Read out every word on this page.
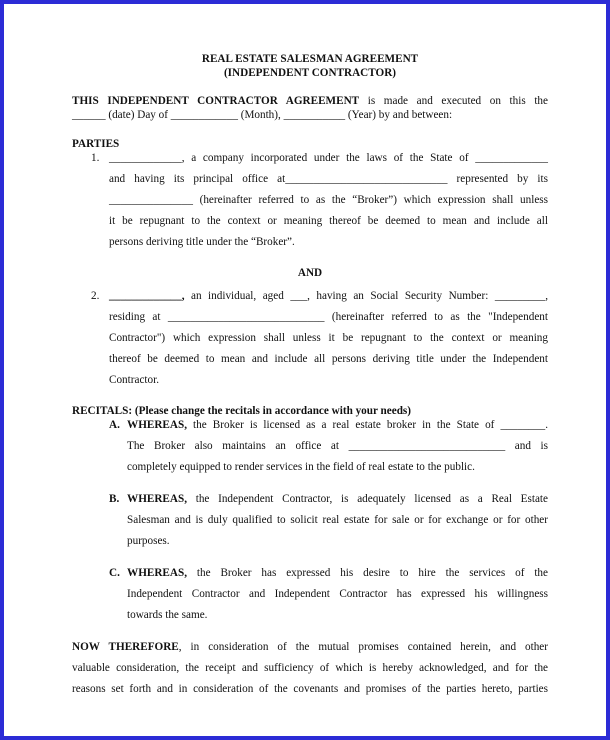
REAL ESTATE SALESMAN AGREEMENT
(INDEPENDENT CONTRACTOR)
THIS INDEPENDENT CONTRACTOR AGREEMENT is made and executed on this the
______ (date) Day of ____________ (Month), ___________ (Year) by and between:
PARTIES
1. _____________, a company incorporated under the laws of the State of _____________
and having its principal office at_____________________________ represented by its
_______________ (hereinafter referred to as the “Broker”) which expression shall unless
it be repugnant to the context or meaning thereof be deemed to mean and include all
persons deriving title under the “Broker”.
AND
2. _____________, an individual, aged ___, having an Social Security Number: _________,
residing at ____________________________ (hereinafter referred to as the "Independent
Contractor") which expression shall unless it be repugnant to the context or meaning
thereof be deemed to mean and include all persons deriving title under the Independent
Contractor.
RECITALS: (Please change the recitals in accordance with your needs)
A. WHEREAS, the Broker is licensed as a real estate broker in the State of ________.
The Broker also maintains an office at ____________________________ and is
completely equipped to render services in the field of real estate to the public.
B. WHEREAS, the Independent Contractor, is adequately licensed as a Real Estate
Salesman and is duly qualified to solicit real estate for sale or for exchange or for other
purposes.
C. WHEREAS, the Broker has expressed his desire to hire the services of the
Independent Contractor and Independent Contractor has expressed his willingness
towards the same.
NOW THEREFORE, in consideration of the mutual promises contained herein, and other
valuable consideration, the receipt and sufficiency of which is hereby acknowledged, and for the
reasons set forth and in consideration of the covenants and promises of the parties hereto, parties
